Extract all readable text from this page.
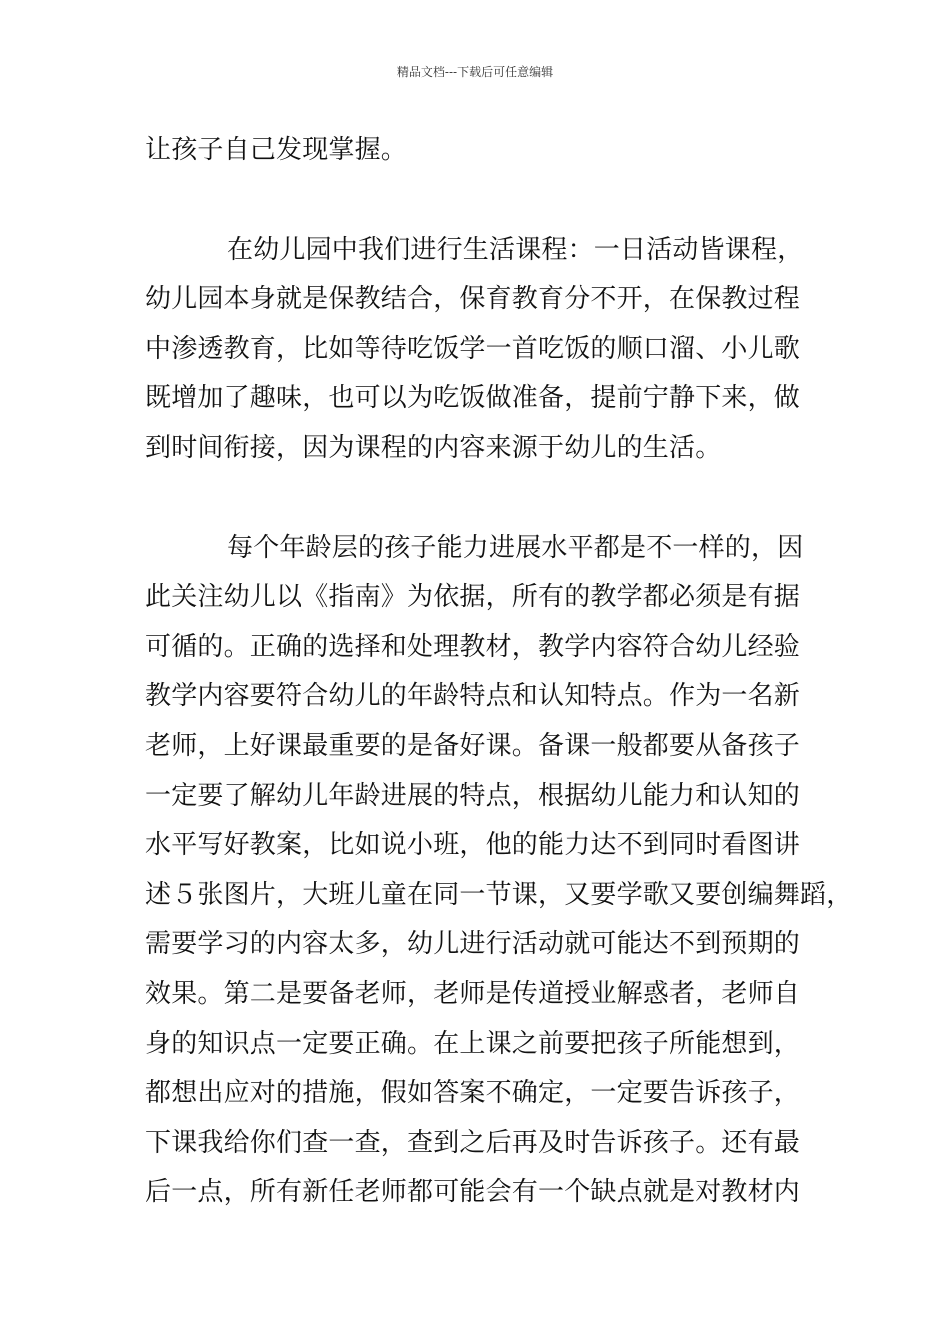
精品文档---下载后可任意编辑
让孩子自己发现掌握。
在幼儿园中我们进行生活课程：一日活动皆课程，
幼儿园本身就是保教结合，保育教育分不开，在保教过程
中渗透教育，比如等待吃饭学一首吃饭的顺口溜、小儿歌
既增加了趣味，也可以为吃饭做准备，提前宁静下来，做
到时间衔接，因为课程的内容来源于幼儿的生活。
每个年龄层的孩子能力进展水平都是不一样的，因
此关注幼儿以《指南》为依据，所有的教学都必须是有据
可循的。正确的选择和处理教材，教学内容符合幼儿经验
教学内容要符合幼儿的年龄特点和认知特点。作为一名新
老师，上好课最重要的是备好课。备课一般都要从备孩子
一定要了解幼儿年龄进展的特点，根据幼儿能力和认知的
水平写好教案，比如说小班，他的能力达不到同时看图讲
述５张图片，大班儿童在同一节课，又要学歌又要创编舞蹈，
需要学习的内容太多，幼儿进行活动就可能达不到预期的
效果。第二是要备老师，老师是传道授业解惑者，老师自
身的知识点一定要正确。在上课之前要把孩子所能想到，
都想出应对的措施，假如答案不确定，一定要告诉孩子，
下课我给你们查一查，查到之后再及时告诉孩子。还有最
后一点，所有新任老师都可能会有一个缺点就是对教材内
